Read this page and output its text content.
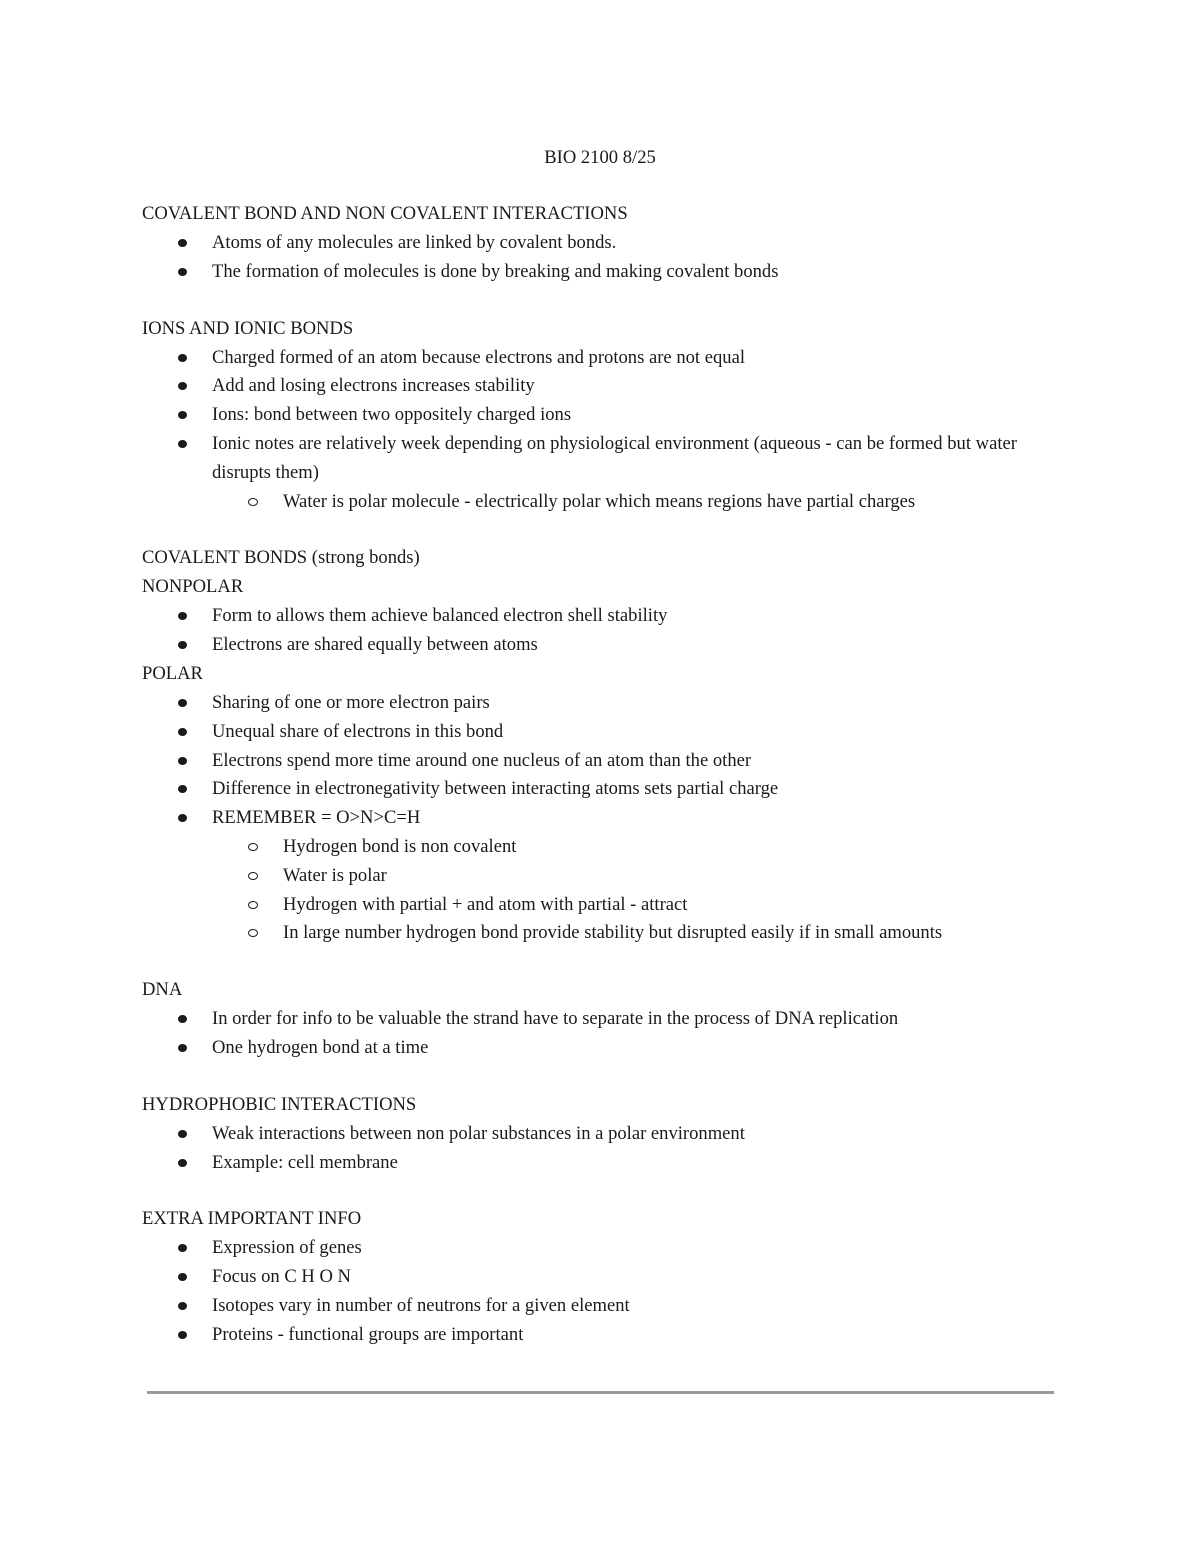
BIO 2100 8/25
COVALENT BOND AND NON COVALENT INTERACTIONS
Atoms of any molecules are linked by covalent bonds.
The formation of molecules is done by breaking and making covalent bonds
IONS AND IONIC BONDS
Charged formed of an atom because electrons and protons are not equal
Add and losing electrons increases stability
Ions: bond between two oppositely charged ions
Ionic notes are relatively week depending on physiological environment (aqueous - can be formed but water disrupts them)
Water is polar molecule - electrically polar which means regions have partial charges
COVALENT BONDS (strong bonds)
NONPOLAR
Form to allows them achieve balanced electron shell stability
Electrons are shared equally between atoms
POLAR
Sharing of one or more electron pairs
Unequal share of electrons in this bond
Electrons spend more time around one nucleus of an atom than the other
Difference in electronegativity between interacting atoms sets partial charge
REMEMBER = O>N>C=H
Hydrogen bond is non covalent
Water is polar
Hydrogen with partial + and atom with partial - attract
In large number hydrogen bond provide stability but disrupted easily if in small amounts
DNA
In order for info to be valuable the strand have to separate in the process of DNA replication
One hydrogen bond at a time
HYDROPHOBIC INTERACTIONS
Weak interactions between non polar substances in a polar environment
Example: cell membrane
EXTRA IMPORTANT INFO
Expression of genes
Focus on C H O N
Isotopes vary in number of neutrons for a given element
Proteins - functional groups are important
